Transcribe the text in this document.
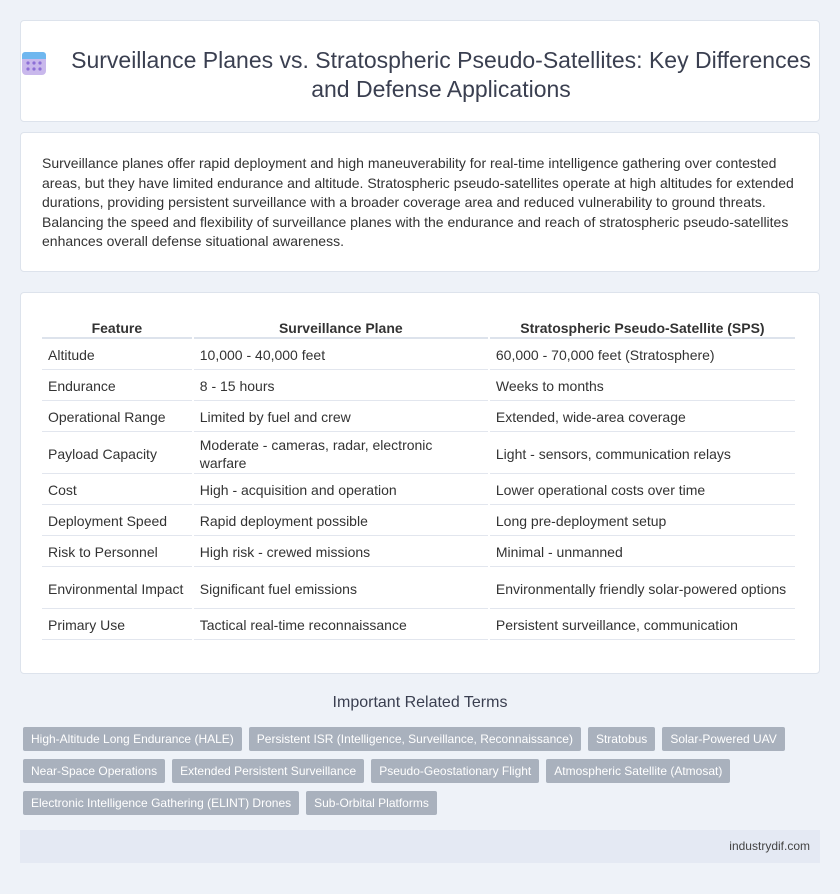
Surveillance Planes vs. Stratospheric Pseudo-Satellites: Key Differences and Defense Applications

Surveillance planes offer rapid deployment and high maneuverability for real-time intelligence gathering over contested areas, but they have limited endurance and altitude. Stratospheric pseudo-satellites operate at high altitudes for extended durations, providing persistent surveillance with a broader coverage area and reduced vulnerability to ground threats. Balancing the speed and flexibility of surveillance planes with the endurance and reach of stratospheric pseudo-satellites enhances overall defense situational awareness.

Feature	Surveillance Plane	Stratospheric Pseudo-Satellite (SPS)
Altitude	10,000 - 40,000 feet	60,000 - 70,000 feet (Stratosphere)
Endurance	8 - 15 hours	Weeks to months
Operational Range	Limited by fuel and crew	Extended, wide-area coverage
Payload Capacity	Moderate - cameras, radar, electronic warfare	Light - sensors, communication relays
Cost	High - acquisition and operation	Lower operational costs over time
Deployment Speed	Rapid deployment possible	Long pre-deployment setup
Risk to Personnel	High risk - crewed missions	Minimal - unmanned
Environmental Impact	Significant fuel emissions	Environmentally friendly solar-powered options
Primary Use	Tactical real-time reconnaissance	Persistent surveillance, communication
Important Related Terms
High-Altitude Long Endurance (HALE)	Persistent ISR (Intelligence, Surveillance, Reconnaissance)	Stratobus	Solar-Powered UAV
Near-Space Operations	Extended Persistent Surveillance	Pseudo-Geostationary Flight	Atmospheric Satellite (Atmosat)
Electronic Intelligence Gathering (ELINT) Drones	Sub-Orbital Platforms
industrydif.com
